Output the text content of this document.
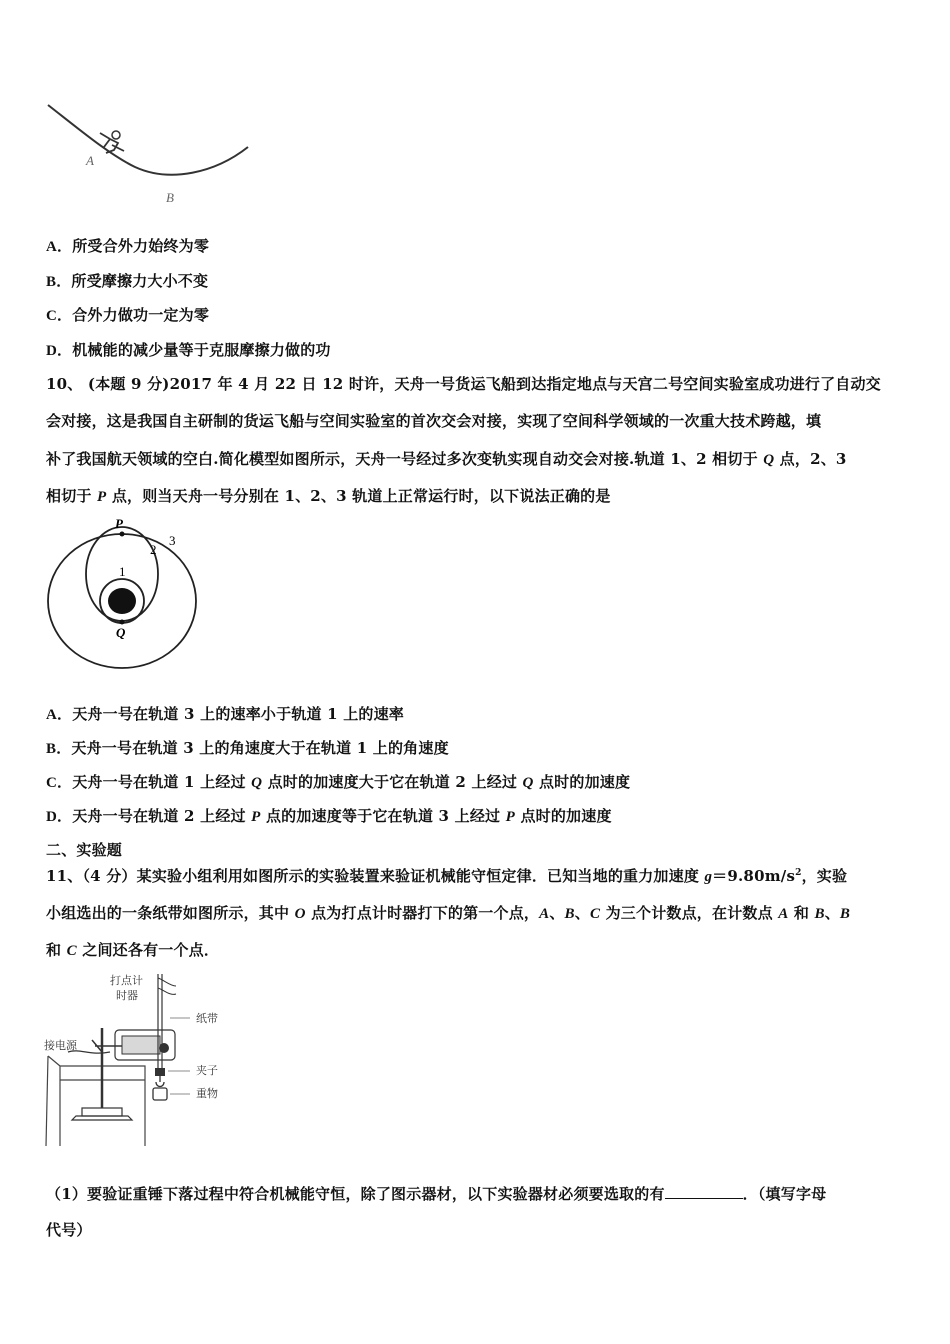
A
B
A．所受合外力始终为零
B．所受摩擦力大小不变
C．合外力做功一定为零
D．机械能的减少量等于克服摩擦力做的功
10、 (本题 9 分)2017 年 4 月 22 日 12 时许，天舟一号货运飞船到达指定地点与天宫二号空间实验室成功进行了自动交
会对接，这是我国自主研制的货运飞船与空间实验室的首次交会对接，实现了空间科学领域的一次重大技术跨越，填
补了我国航天领域的空白.简化模型如图所示，天舟一号经过多次变轨实现自动交会对接.轨道 1、2 相切于 Q 点，2、3
相切于 P 点，则当天舟一号分别在 1、2、3 轨道上正常运行时，以下说法正确的是
P
Q
1
2
3
A．天舟一号在轨道 3 上的速率小于轨道 1 上的速率
B．天舟一号在轨道 3 上的角速度大于在轨道 1 上的角速度
C．天舟一号在轨道 1 上经过 Q 点时的加速度大于它在轨道 2 上经过 Q 点时的加速度
D．天舟一号在轨道 2 上经过 P 点的加速度等于它在轨道 3 上经过 P 点时的加速度
二、实验题
11、（4 分）某实验小组利用如图所示的实验装置来验证机械能守恒定律．已知当地的重力加速度 $g=9.80m/s^2$，实验
小组选出的一条纸带如图所示，其中 O 点为打点计时器打下的第一个点，A、B、C 为三个计数点，在计数点 A 和 B、B
和 C 之间还各有一个点．
打点计
时器
纸带
接电源
夹子
重物
（1）要验证重锤下落过程中符合机械能守恒，除了图示器材，以下实验器材必须要选取的有	．（填写字母
代号）
